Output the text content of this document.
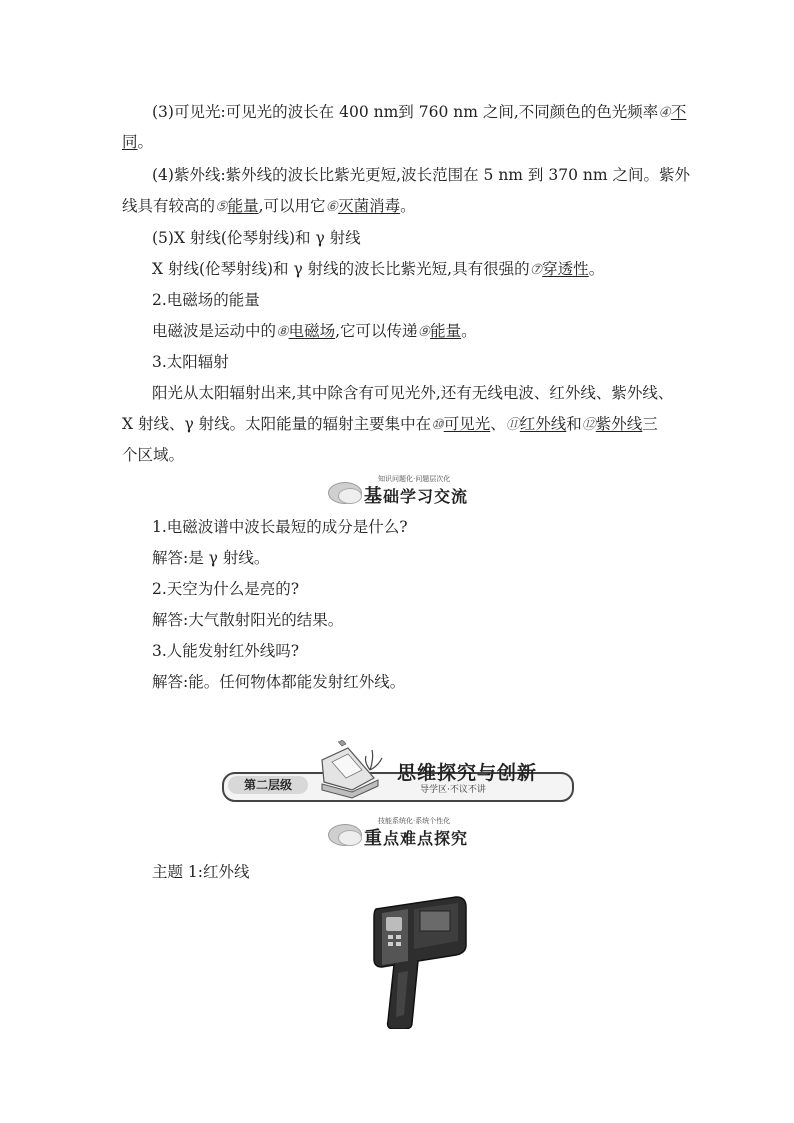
(3)可见光:可见光的波长在 400 nm到 760 nm 之间,不同颜色的色光频率④不
同。
(4)紫外线:紫外线的波长比紫光更短,波长范围在 5 nm 到 370 nm 之间。紫外
线具有较高的⑤能量,可以用它⑥灭菌消毒。
(5)X 射线(伦琴射线)和 γ 射线
X 射线(伦琴射线)和 γ 射线的波长比紫光短,具有很强的⑦穿透性。
2.电磁场的能量
电磁波是运动中的⑧电磁场,它可以传递⑨能量。
3.太阳辐射
阳光从太阳辐射出来,其中除含有可见光外,还有无线电波、红外线、紫外线、
X 射线、γ 射线。太阳能量的辐射主要集中在⑩可见光、⑪红外线和⑫紫外线三
个区域。
知识问题化·问题层次化
基础学习交流
1.电磁波谱中波长最短的成分是什么?
解答:是 γ 射线。
2.天空为什么是亮的?
解答:大气散射阳光的结果。
3.人能发射红外线吗?
解答:能。任何物体都能发射红外线。
第二层级
思维探究与创新
导学区·不议不讲
技能系统化·系统个性化
重点难点探究
主题 1:红外线
